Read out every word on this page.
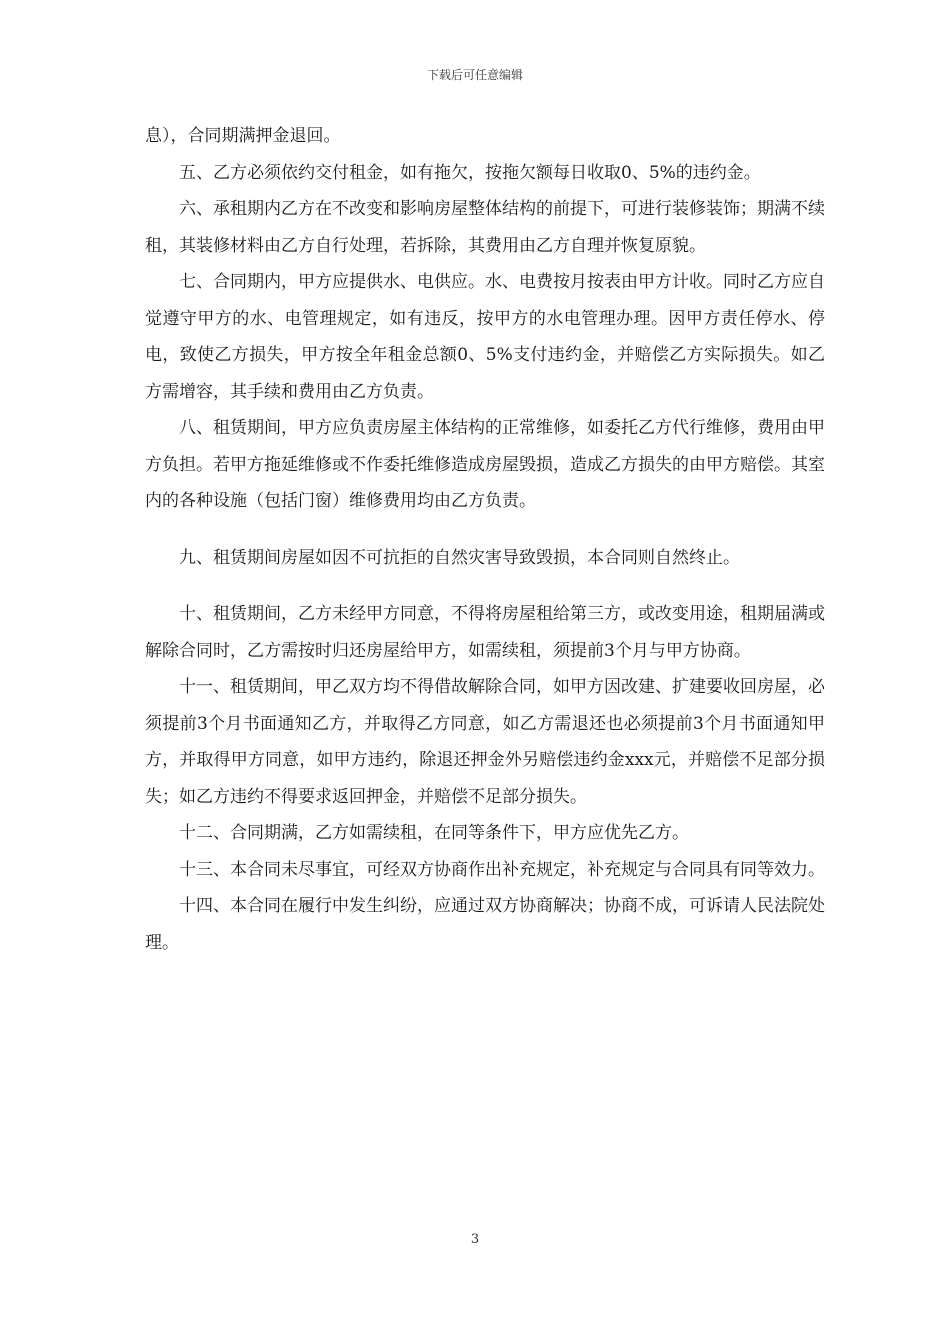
下载后可任意编辑

息），合同期满押金退回。

五、乙方必须依约交付租金，如有拖欠，按拖欠额每日收取0、5%的违约金。

六、承租期内乙方在不改变和影响房屋整体结构的前提下，可进行装修装饰；期满不续租，其装修材料由乙方自行处理，若拆除，其费用由乙方自理并恢复原貌。

七、合同期内，甲方应提供水、电供应。水、电费按月按表由甲方计收。同时乙方应自觉遵守甲方的水、电管理规定，如有违反，按甲方的水电管理办理。因甲方责任停水、停电，致使乙方损失，甲方按全年租金总额0、5%支付违约金，并赔偿乙方实际损失。如乙方需增容，其手续和费用由乙方负责。

八、租赁期间，甲方应负责房屋主体结构的正常维修，如委托乙方代行维修，费用由甲方负担。若甲方拖延维修或不作委托维修造成房屋毁损，造成乙方损失的由甲方赔偿。其室内的各种设施（包括门窗）维修费用均由乙方负责。

九、租赁期间房屋如因不可抗拒的自然灾害导致毁损，本合同则自然终止。

十、租赁期间，乙方未经甲方同意，不得将房屋租给第三方，或改变用途，租期届满或解除合同时，乙方需按时归还房屋给甲方，如需续租，须提前3个月与甲方协商。

十一、租赁期间，甲乙双方均不得借故解除合同，如甲方因改建、扩建要收回房屋，必须提前3个月书面通知乙方，并取得乙方同意，如乙方需退还也必须提前3个月书面通知甲方，并取得甲方同意，如甲方违约，除退还押金外另赔偿违约金xxx元，并赔偿不足部分损失；如乙方违约不得要求返回押金，并赔偿不足部分损失。

十二、合同期满，乙方如需续租，在同等条件下，甲方应优先乙方。

十三、本合同未尽事宜，可经双方协商作出补充规定，补充规定与合同具有同等效力。

十四、本合同在履行中发生纠纷，应通过双方协商解决；协商不成，可诉请人民法院处理。

3
